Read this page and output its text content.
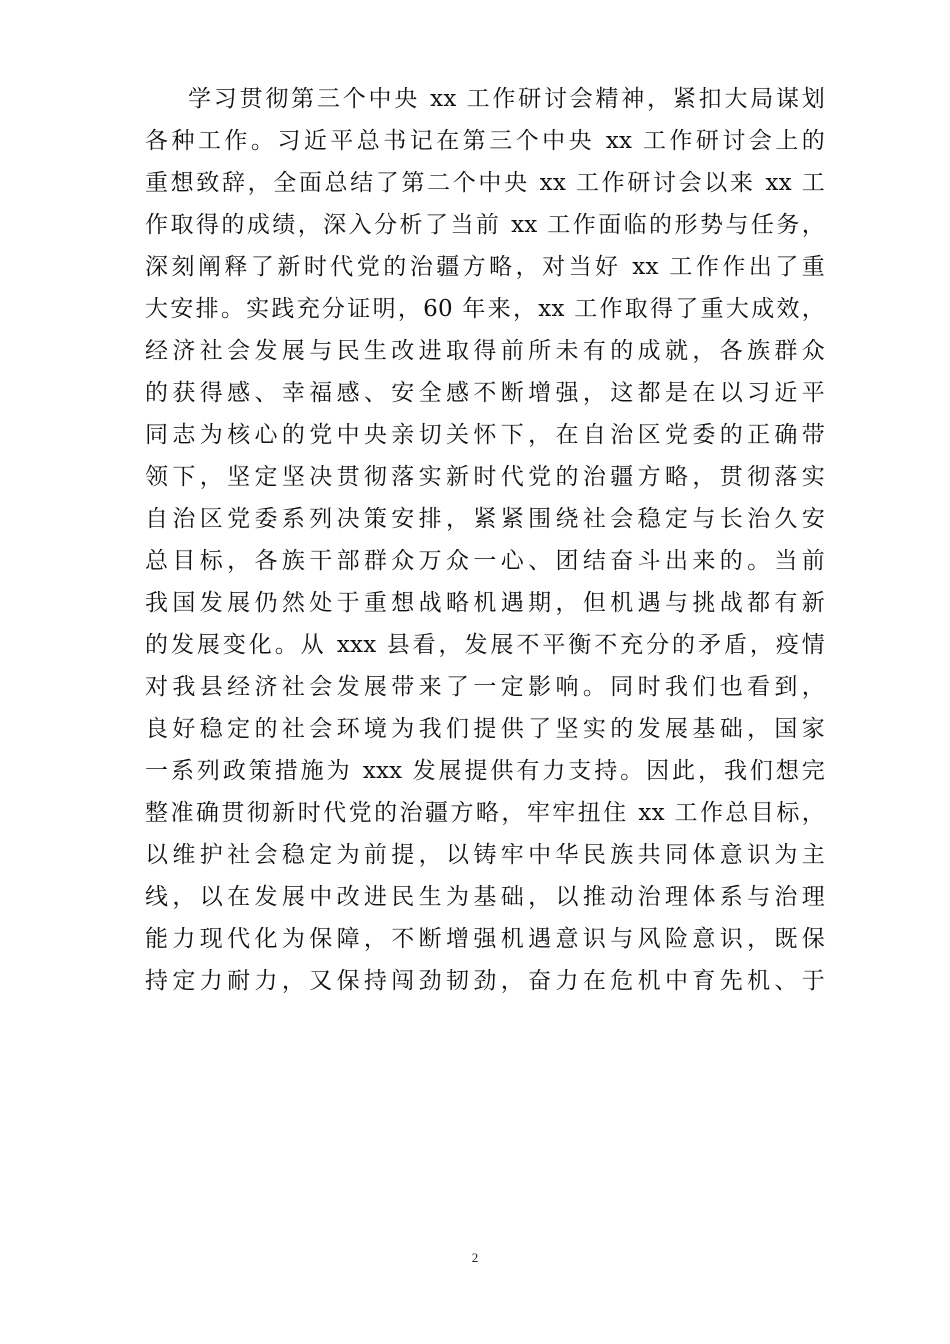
学习贯彻第三个中央 xx 工作研讨会精神，紧扣大局谋划
各种工作。习近平总书记在第三个中央 xx 工作研讨会上的
重想致辞，全面总结了第二个中央 xx 工作研讨会以来 xx 工
作取得的成绩，深入分析了当前 xx 工作面临的形势与任务，
深刻阐释了新时代党的治疆方略，对当好 xx 工作作出了重
大安排。实践充分证明，60 年来，xx 工作取得了重大成效，
经济社会发展与民生改进取得前所未有的成就，各族群众
的获得感、幸福感、安全感不断增强，这都是在以习近平
同志为核心的党中央亲切关怀下，在自治区党委的正确带
领下，坚定坚决贯彻落实新时代党的治疆方略，贯彻落实
自治区党委系列决策安排，紧紧围绕社会稳定与长治久安
总目标，各族干部群众万众一心、团结奋斗出来的。当前
我国发展仍然处于重想战略机遇期，但机遇与挑战都有新
的发展变化。从 xxx 县看，发展不平衡不充分的矛盾，疫情
对我县经济社会发展带来了一定影响。同时我们也看到，
良好稳定的社会环境为我们提供了坚实的发展基础，国家
一系列政策措施为 xxx 发展提供有力支持。因此，我们想完
整准确贯彻新时代党的治疆方略，牢牢扭住 xx 工作总目标，
以维护社会稳定为前提，以铸牢中华民族共同体意识为主
线，以在发展中改进民生为基础，以推动治理体系与治理
能力现代化为保障，不断增强机遇意识与风险意识，既保
持定力耐力，又保持闯劲韧劲，奋力在危机中育先机、于
2
